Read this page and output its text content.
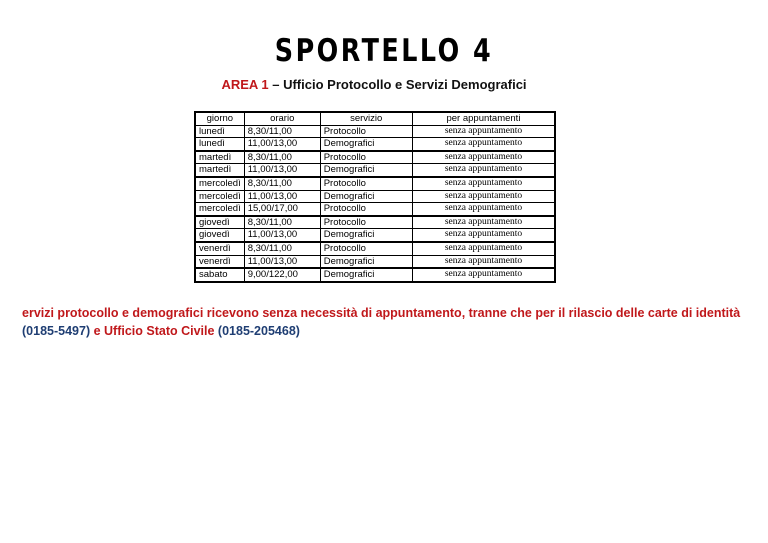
SPORTELLO 4
AREA 1 – Ufficio Protocollo e Servizi Demografici
giorno	orario	servizio	per appuntamenti
lunedì	8,30/11,00	Protocollo	senza appuntamento
lunedì	11,00/13,00	Demografici	senza appuntamento
martedì	8,30/11,00	Protocollo	senza appuntamento
martedì	11,00/13,00	Demografici	senza appuntamento
mercoledì	8,30/11,00	Protocollo	senza appuntamento
mercoledì	11,00/13,00	Demografici	senza appuntamento
mercoledì	15,00/17,00	Protocollo	senza appuntamento
giovedì	8,30/11,00	Protocollo	senza appuntamento
giovedì	11,00/13,00	Demografici	senza appuntamento
venerdì	8,30/11,00	Protocollo	senza appuntamento
venerdì	11,00/13,00	Demografici	senza appuntamento
sabato	9,00/122,00	Demografici	senza appuntamento
ervizi protocollo e demografici ricevono senza necessità di appuntamento, tranne che per il rilascio delle carte di identità (0185-5497) e Ufficio Stato Civile (0185-205468)
